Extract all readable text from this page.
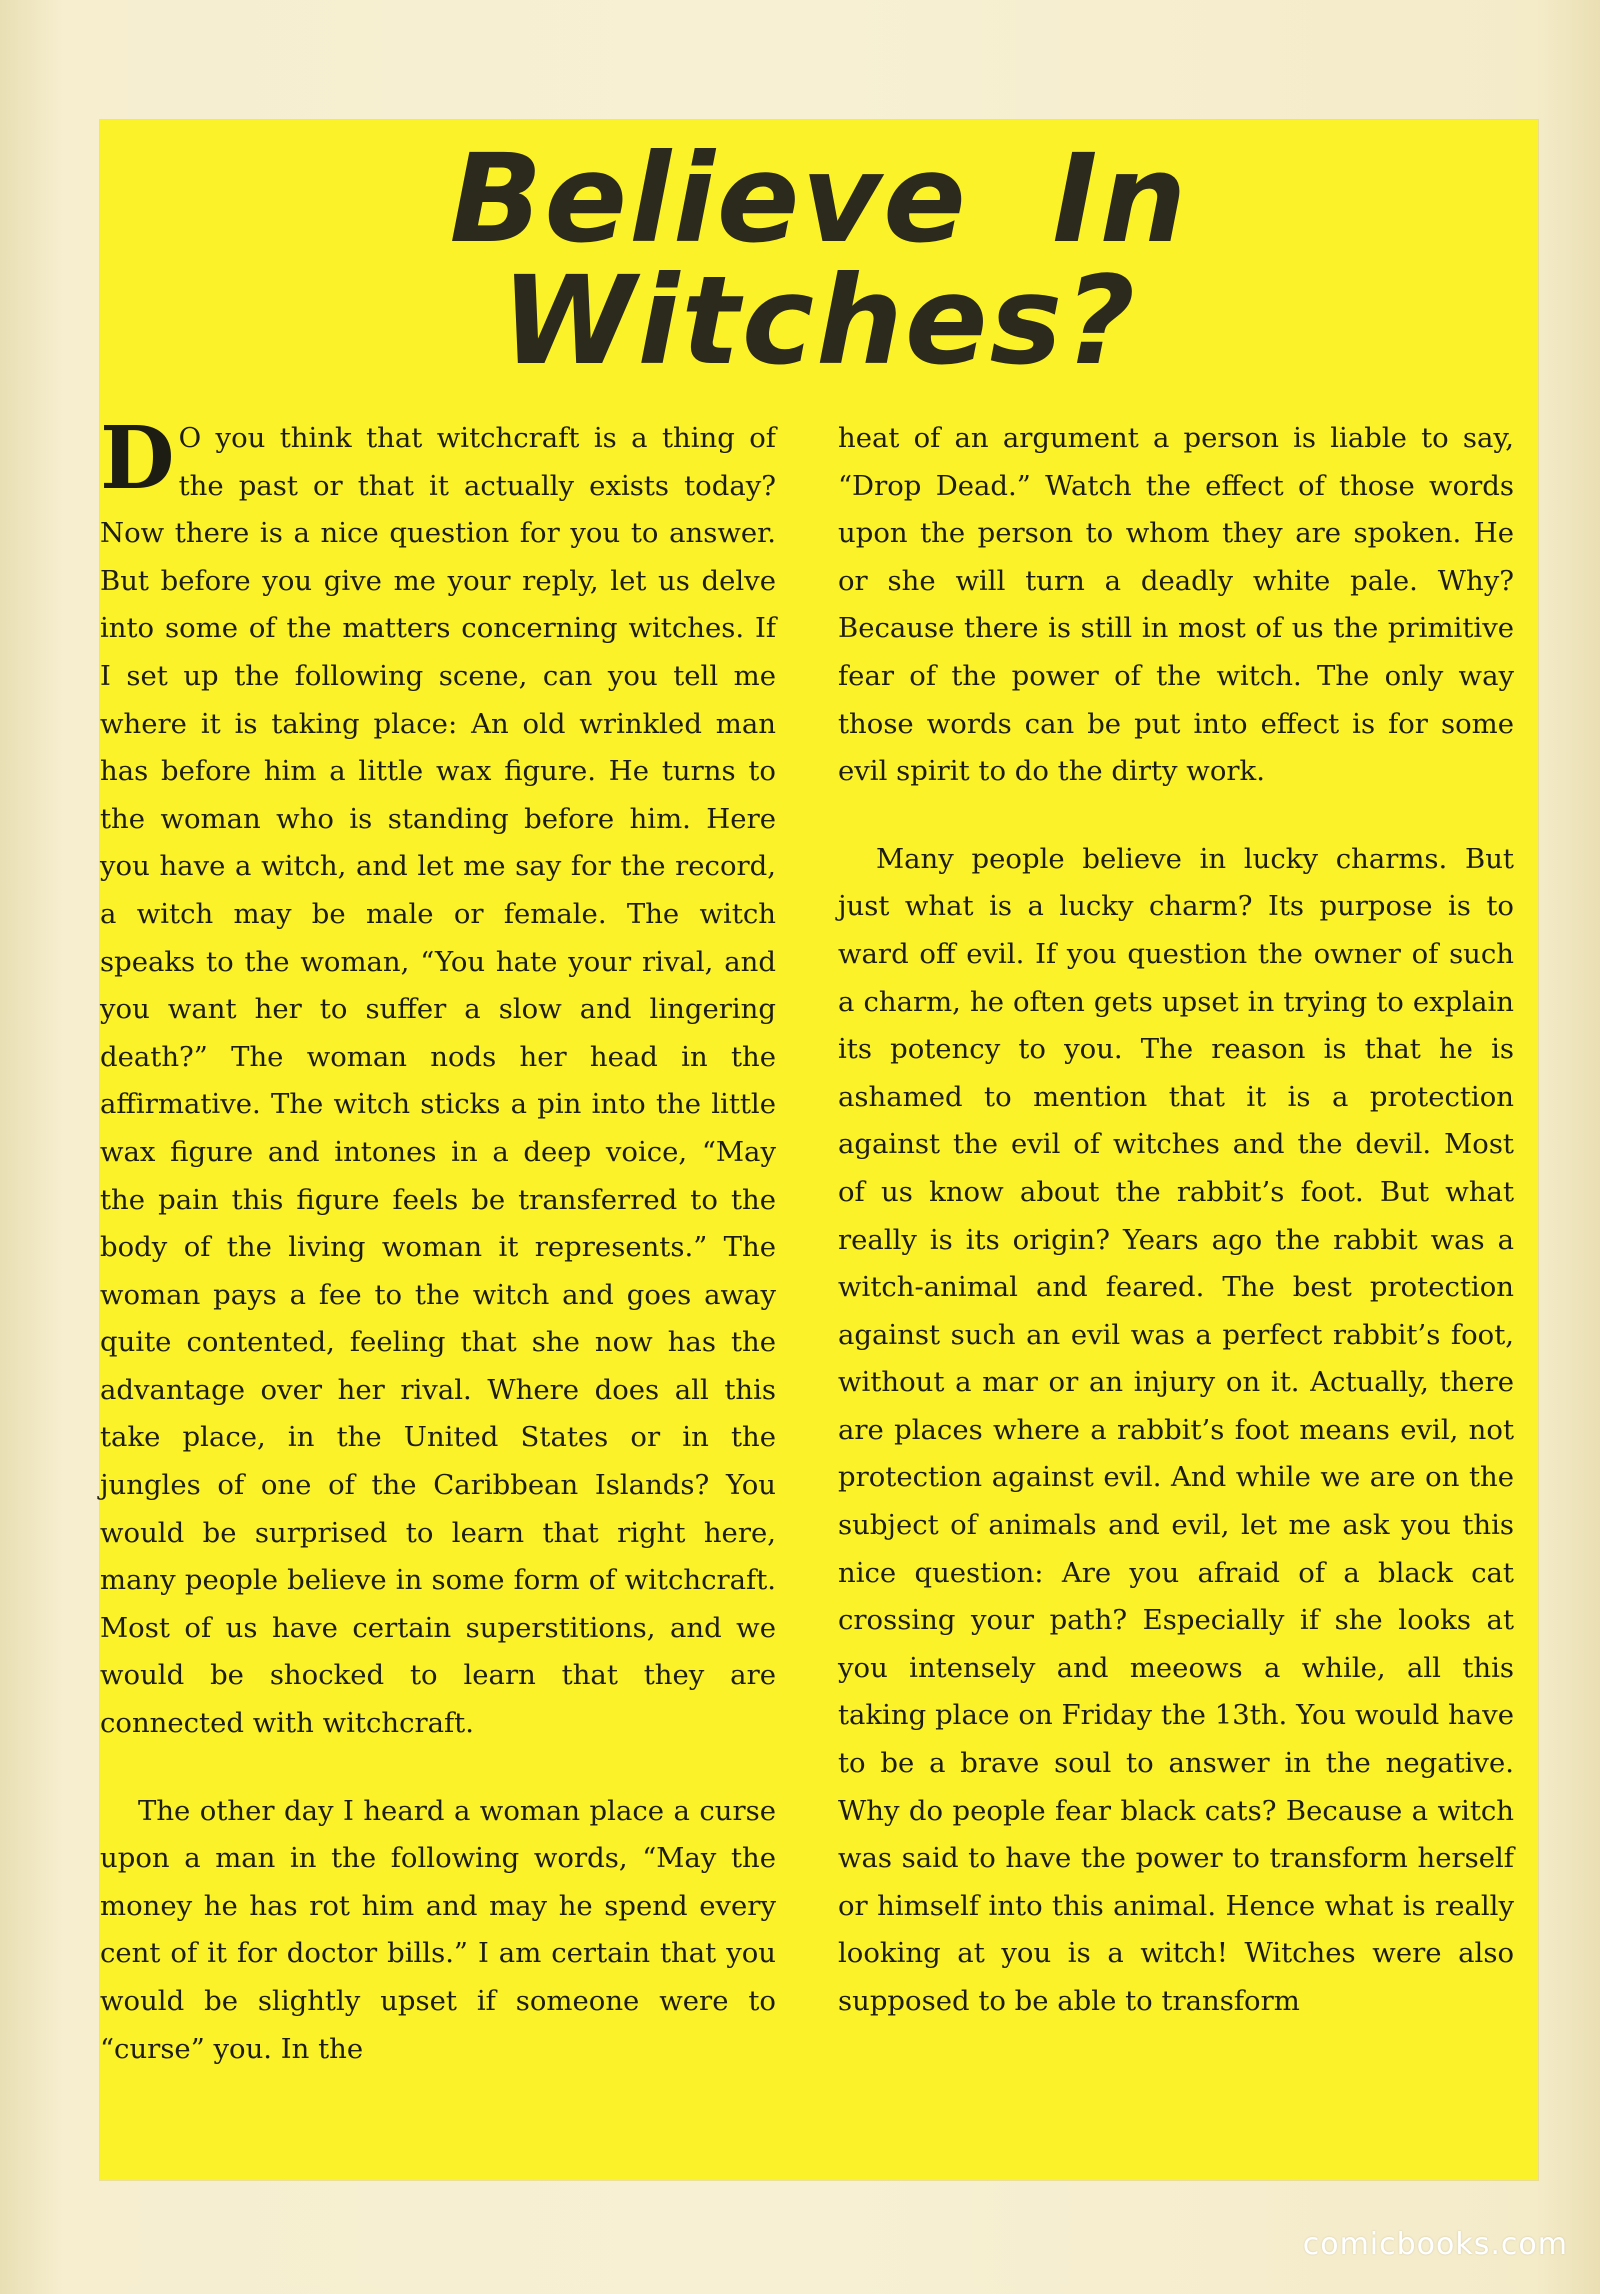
Believe In Witches?

D O you think that witchcraft is a thing of the past or that it actually exists today? Now there is a nice question for you to answer. But before you give me your reply, let us delve into some of the matters concerning witches. If I set up the following scene, can you tell me where it is taking place: An old wrinkled man has before him a little wax figure. He turns to the woman who is standing before him. Here you have a witch, and let me say for the record, a witch may be male or female. The witch speaks to the woman, “You hate your rival, and you want her to suffer a slow and lingering death?” The woman nods her head in the affirmative. The witch sticks a pin into the little wax figure and intones in a deep voice, “May the pain this figure feels be transferred to the body of the living woman it represents.” The woman pays a fee to the witch and goes away quite contented, feeling that she now has the advantage over her rival. Where does all this take place, in the United States or in the jungles of one of the Caribbean Islands? You would be surprised to learn that right here, many people believe in some form of witchcraft. Most of us have certain superstitions, and we would be shocked to learn that they are connected with witchcraft.

The other day I heard a woman place a curse upon a man in the following words, “May the money he has rot him and may he spend every cent of it for doctor bills.” I am certain that you would be slightly upset if someone were to “curse” you. In the

heat of an argument a person is liable to say, “Drop Dead.” Watch the effect of those words upon the person to whom they are spoken. He or she will turn a deadly white pale. Why? Because there is still in most of us the primitive fear of the power of the witch. The only way those words can be put into effect is for some evil spirit to do the dirty work.

Many people believe in lucky charms. But just what is a lucky charm? Its purpose is to ward off evil. If you question the owner of such a charm, he often gets upset in trying to explain its potency to you. The reason is that he is ashamed to mention that it is a protection against the evil of witches and the devil. Most of us know about the rabbit’s foot. But what really is its origin? Years ago the rabbit was a witch-animal and feared. The best protection against such an evil was a perfect rabbit’s foot, without a mar or an injury on it. Actually, there are places where a rabbit’s foot means evil, not protection against evil. And while we are on the subject of animals and evil, let me ask you this nice question: Are you afraid of a black cat crossing your path? Especially if she looks at you intensely and meeows a while, all this taking place on Friday the 13th. You would have to be a brave soul to answer in the negative. Why do people fear black cats? Because a witch was said to have the power to transform herself or himself into this animal. Hence what is really looking at you is a witch! Witches were also supposed to be able to transform

comicbooks.com
